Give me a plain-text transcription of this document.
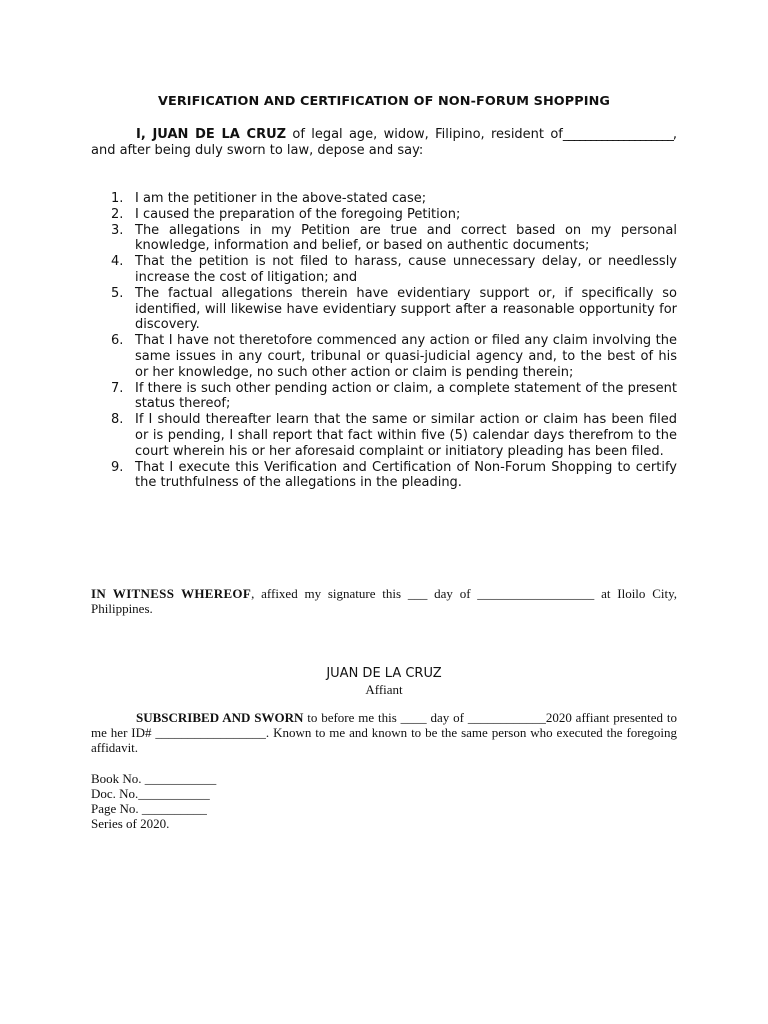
VERIFICATION AND CERTIFICATION OF NON-FORUM SHOPPING

I, JUAN DE LA CRUZ of legal age, widow, Filipino, resident of____________________, and after being duly sworn to law, depose and say:

1. I am the petitioner in the above-stated case;
2. I caused the preparation of the foregoing Petition;
3. The allegations in my Petition are true and correct based on my personal knowledge, information and belief, or based on authentic documents;
4. That the petition is not filed to harass, cause unnecessary delay, or needlessly increase the cost of litigation; and
5. The factual allegations therein have evidentiary support or, if specifically so identified, will likewise have evidentiary support after a reasonable opportunity for discovery.
6. That I have not theretofore commenced any action or filed any claim involving the same issues in any court, tribunal or quasi-judicial agency and, to the best of his or her knowledge, no such other action or claim is pending therein;
7. If there is such other pending action or claim, a complete statement of the present status thereof;
8. If I should thereafter learn that the same or similar action or claim has been filed or is pending, I shall report that fact within five (5) calendar days therefrom to the court wherein his or her aforesaid complaint or initiatory pleading has been filed.
9. That I execute this Verification and Certification of Non-Forum Shopping to certify the truthfulness of the allegations in the pleading.

IN WITNESS WHEREOF, affixed my signature this ___ day of __________________ at Iloilo City, Philippines.

JUAN DE LA CRUZ
Affiant

SUBSCRIBED AND SWORN to before me this ____ day of ____________2020 affiant presented to me her ID# _________________. Known to me and known to be the same person who executed the foregoing affidavit.

Book No. ___________
Doc. No.___________
Page No. __________
Series of 2020.
